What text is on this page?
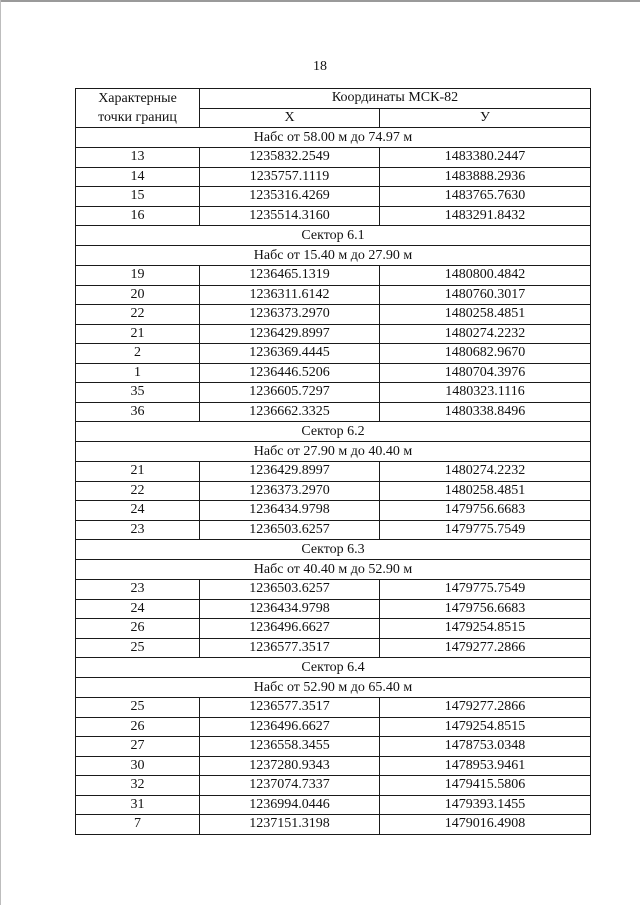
18
Характерные
точки границ	Координаты МСК-82	
	X	У
Набс от 58.00 м до 74.97 м		
13	1235832.2549	1483380.2447
14	1235757.1119	1483888.2936
15	1235316.4269	1483765.7630
16	1235514.3160	1483291.8432
Сектор 6.1		
Набс от 15.40 м до 27.90 м		
19	1236465.1319	1480800.4842
20	1236311.6142	1480760.3017
22	1236373.2970	1480258.4851
21	1236429.8997	1480274.2232
2	1236369.4445	1480682.9670
1	1236446.5206	1480704.3976
35	1236605.7297	1480323.1116
36	1236662.3325	1480338.8496
Сектор 6.2		
Набс от 27.90 м до 40.40 м		
21	1236429.8997	1480274.2232
22	1236373.2970	1480258.4851
24	1236434.9798	1479756.6683
23	1236503.6257	1479775.7549
Сектор 6.3		
Набс от 40.40 м до 52.90 м		
23	1236503.6257	1479775.7549
24	1236434.9798	1479756.6683
26	1236496.6627	1479254.8515
25	1236577.3517	1479277.2866
Сектор 6.4		
Набс от 52.90 м до 65.40 м		
25	1236577.3517	1479277.2866
26	1236496.6627	1479254.8515
27	1236558.3455	1478753.0348
30	1237280.9343	1478953.9461
32	1237074.7337	1479415.5806
31	1236994.0446	1479393.1455
7	1237151.3198	1479016.4908
